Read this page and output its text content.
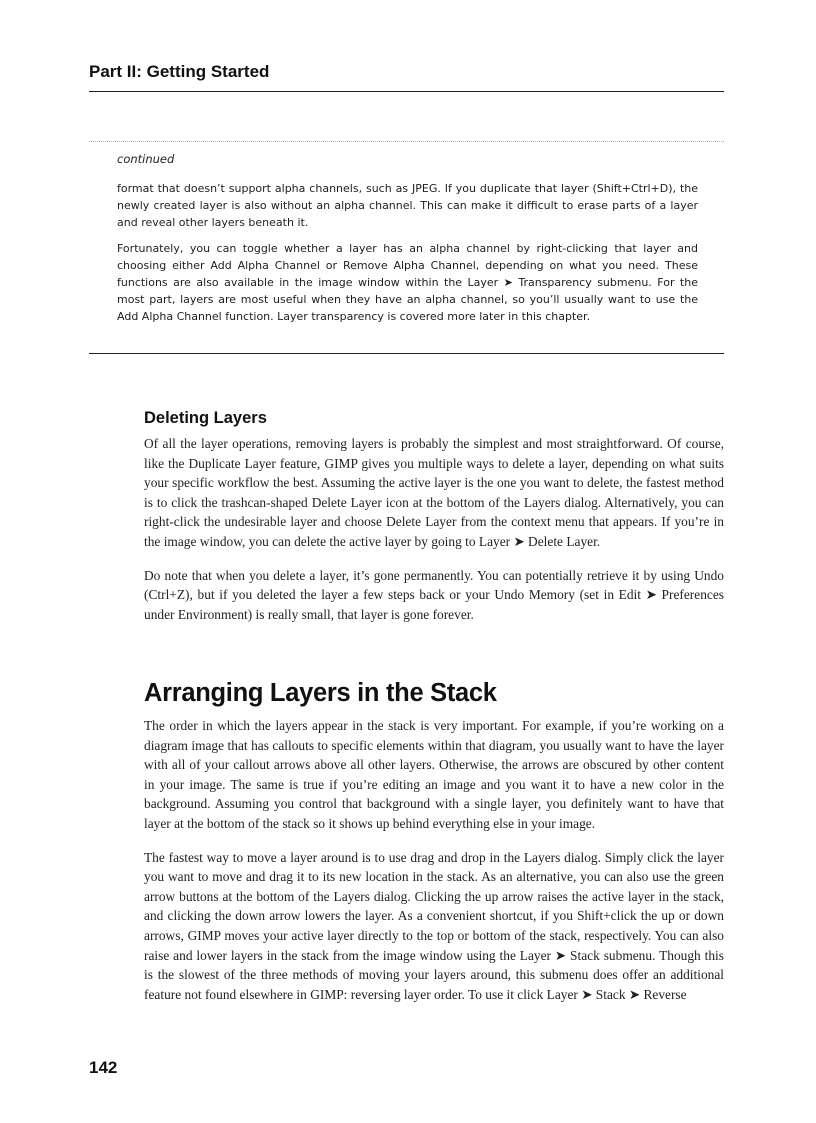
Part II: Getting Started

continued

format that doesn’t support alpha channels, such as JPEG. If you duplicate that layer (Shift+Ctrl+D), the newly created layer is also without an alpha channel. This can make it difficult to erase parts of a layer and reveal other layers beneath it.

Fortunately, you can toggle whether a layer has an alpha channel by right-clicking that layer and choosing either Add Alpha Channel or Remove Alpha Channel, depending on what you need. These functions are also available in the image window within the Layer ➤ Transparency submenu. For the most part, layers are most useful when they have an alpha channel, so you’ll usually want to use the Add Alpha Channel function. Layer transparency is covered more later in this chapter.

Deleting Layers

Of all the layer operations, removing layers is probably the simplest and most straightforward. Of course, like the Duplicate Layer feature, GIMP gives you multiple ways to delete a layer, depending on what suits your specific workflow the best. Assuming the active layer is the one you want to delete, the fastest method is to click the trashcan-shaped Delete Layer icon at the bottom of the Layers dialog. Alternatively, you can right-click the undesirable layer and choose Delete Layer from the context menu that appears. If you’re in the image window, you can delete the active layer by going to Layer ➤ Delete Layer.

Do note that when you delete a layer, it’s gone permanently. You can potentially retrieve it by using Undo (Ctrl+Z), but if you deleted the layer a few steps back or your Undo Memory (set in Edit ➤ Preferences under Environment) is really small, that layer is gone forever.

Arranging Layers in the Stack

The order in which the layers appear in the stack is very important. For example, if you’re working on a diagram image that has callouts to specific elements within that diagram, you usually want to have the layer with all of your callout arrows above all other layers. Otherwise, the arrows are obscured by other content in your image. The same is true if you’re editing an image and you want it to have a new color in the background. Assuming you control that background with a single layer, you definitely want to have that layer at the bottom of the stack so it shows up behind everything else in your image.

The fastest way to move a layer around is to use drag and drop in the Layers dialog. Simply click the layer you want to move and drag it to its new location in the stack. As an alternative, you can also use the green arrow buttons at the bottom of the Layers dialog. Clicking the up arrow raises the active layer in the stack, and clicking the down arrow lowers the layer. As a convenient shortcut, if you Shift+click the up or down arrows, GIMP moves your active layer directly to the top or bottom of the stack, respectively. You can also raise and lower layers in the stack from the image window using the Layer ➤ Stack submenu. Though this is the slowest of the three methods of moving your layers around, this submenu does offer an additional feature not found elsewhere in GIMP: reversing layer order. To use it click Layer ➤ Stack ➤ Reverse

142
